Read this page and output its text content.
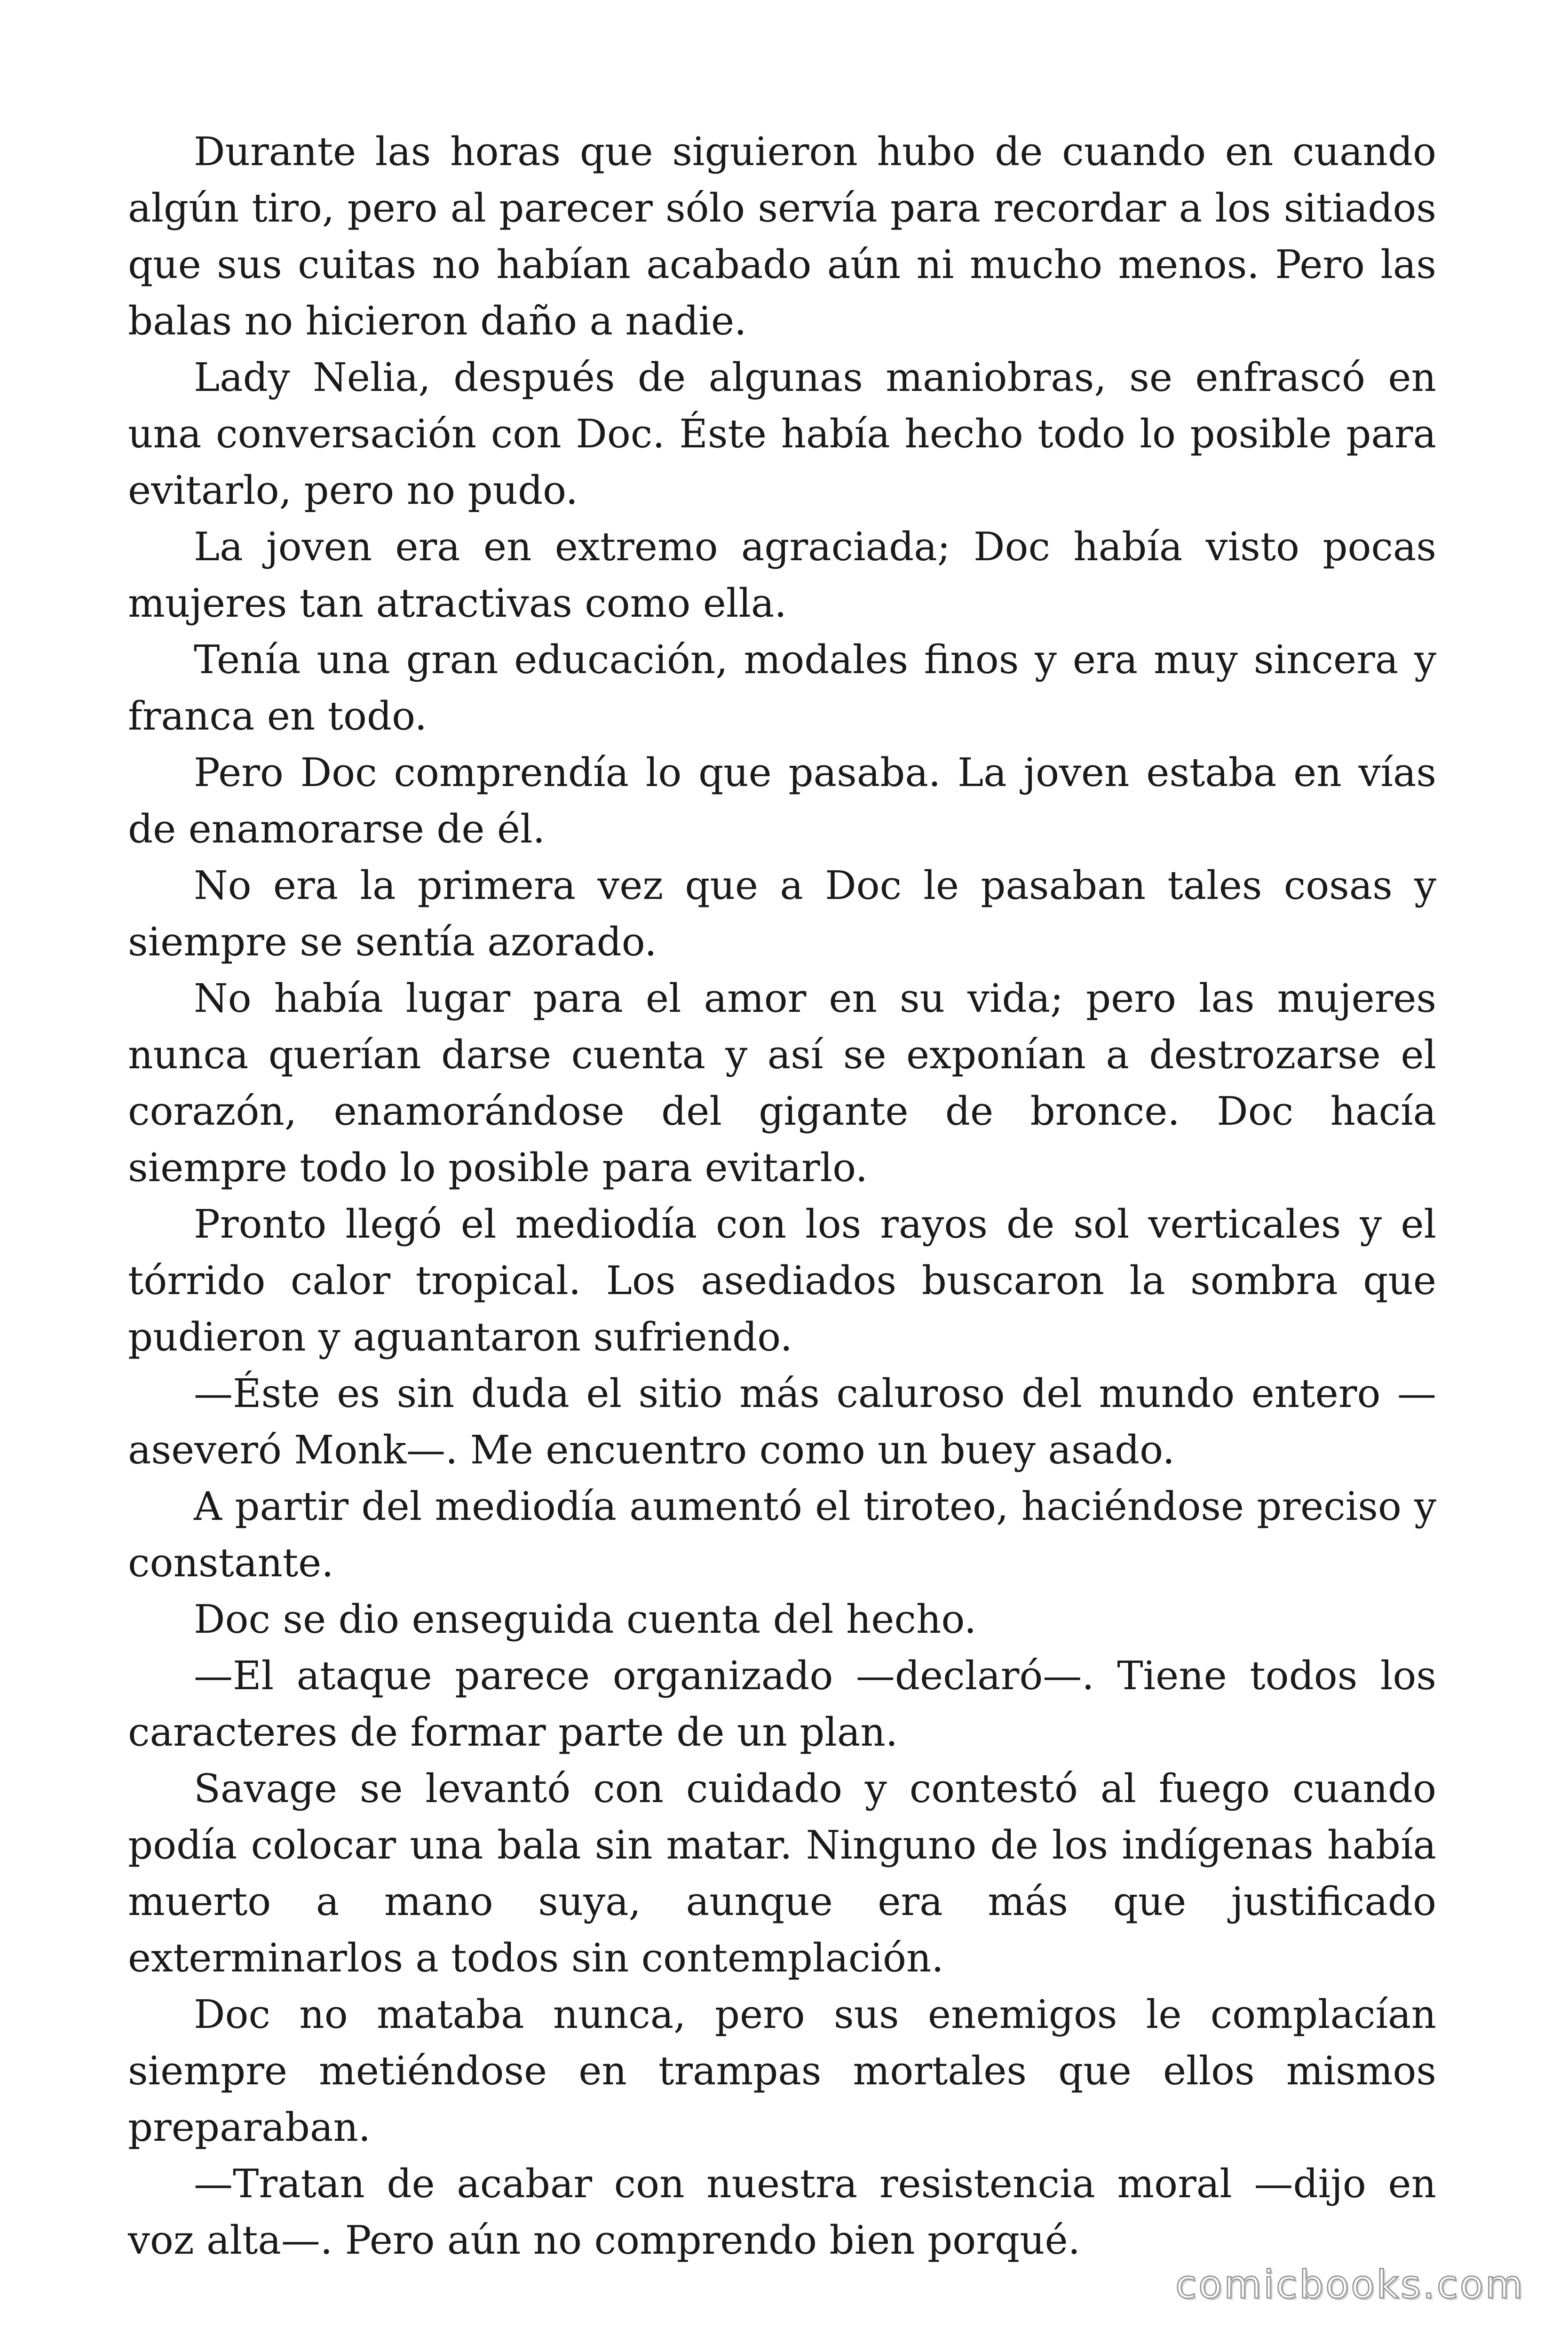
Durante las horas que siguieron hubo de cuando en cuando algún tiro, pero al parecer sólo servía para recordar a los sitiados que sus cuitas no habían acabado aún ni mucho menos. Pero las balas no hicieron daño a nadie.

Lady Nelia, después de algunas maniobras, se enfrascó en una conversación con Doc. Éste había hecho todo lo posible para evitarlo, pero no pudo.

La joven era en extremo agraciada; Doc había visto pocas mujeres tan atractivas como ella.

Tenía una gran educación, modales finos y era muy sincera y franca en todo.

Pero Doc comprendía lo que pasaba. La joven estaba en vías de enamorarse de él.

No era la primera vez que a Doc le pasaban tales cosas y siempre se sentía azorado.

No había lugar para el amor en su vida; pero las mujeres nunca querían darse cuenta y así se exponían a destrozarse el corazón, enamorándose del gigante de bronce. Doc hacía siempre todo lo posible para evitarlo.

Pronto llegó el mediodía con los rayos de sol verticales y el tórrido calor tropical. Los asediados buscaron la sombra que pudieron y aguantaron sufriendo.

—Éste es sin duda el sitio más caluroso del mundo entero —aseveró Monk—. Me encuentro como un buey asado.

A partir del mediodía aumentó el tiroteo, haciéndose preciso y constante.

Doc se dio enseguida cuenta del hecho.

—El ataque parece organizado —declaró—. Tiene todos los caracteres de formar parte de un plan.

Savage se levantó con cuidado y contestó al fuego cuando podía colocar una bala sin matar. Ninguno de los indígenas había muerto a mano suya, aunque era más que justificado exterminarlos a todos sin contemplación.

Doc no mataba nunca, pero sus enemigos le complacían siempre metiéndose en trampas mortales que ellos mismos preparaban.

—Tratan de acabar con nuestra resistencia moral —dijo en voz alta—. Pero aún no comprendo bien porqué.

comicbooks.com
